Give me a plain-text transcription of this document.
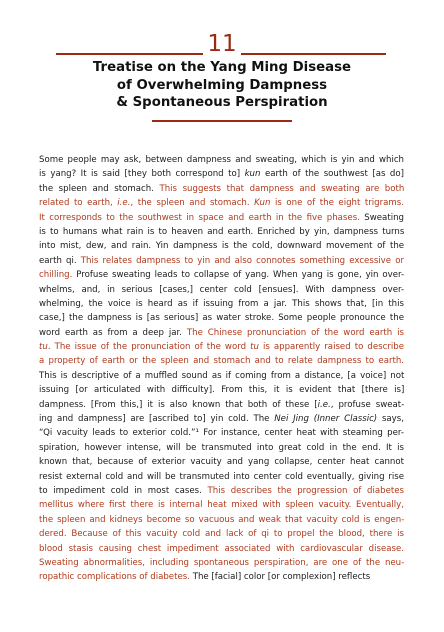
11
Treatise on the Yang Ming Disease
of Overwhelming Dampness
& Spontaneous Perspiration
Some people may ask, between dampness and sweating, which is yin and which
is yang? It is said [they both correspond to] kun earth of the southwest [as do]
the spleen and stomach. This suggests that dampness and sweating are both
related to earth, i.e., the spleen and stomach. Kun is one of the eight trigrams.
It corresponds to the southwest in space and earth in the five phases. Sweating
is to humans what rain is to heaven and earth. Enriched by yin, dampness turns
into mist, dew, and rain. Yin dampness is the cold, downward movement of the
earth qi. This relates dampness to yin and also connotes something excessive or
chilling. Profuse sweating leads to collapse of yang. When yang is gone, yin over-
whelms, and, in serious [cases,] center cold [ensues]. With dampness over-
whelming, the voice is heard as if issuing from a jar. This shows that, [in this
case,] the dampness is [as serious] as water stroke. Some people pronounce the
word earth as from a deep jar. The Chinese pronunciation of the word earth is
tu. The issue of the pronunciation of the word tu is apparently raised to describe
a property of earth or the spleen and stomach and to relate dampness to earth.
This is descriptive of a muffled sound as if coming from a distance, [a voice] not
issuing [or articulated with difficulty]. From this, it is evident that [there is]
dampness. [From this,] it is also known that both of these [i.e., profuse sweat-
ing and dampness] are [ascribed to] yin cold. The Nei Jing (Inner Classic) says,
“Qi vacuity leads to exterior cold.”¹ For instance, center heat with steaming per-
spiration, however intense, will be transmuted into great cold in the end. It is
known that, because of exterior vacuity and yang collapse, center heat cannot
resist external cold and will be transmuted into center cold eventually, giving rise
to impediment cold in most cases. This describes the progression of diabetes
mellitus where first there is internal heat mixed with spleen vacuity. Eventually,
the spleen and kidneys become so vacuous and weak that vacuity cold is engen-
dered. Because of this vacuity cold and lack of qi to propel the blood, there is
blood stasis causing chest impediment associated with cardiovascular disease.
Sweating abnormalities, including spontaneous perspiration, are one of the neu-
ropathic complications of diabetes. The [facial] color [or complexion] reflects
